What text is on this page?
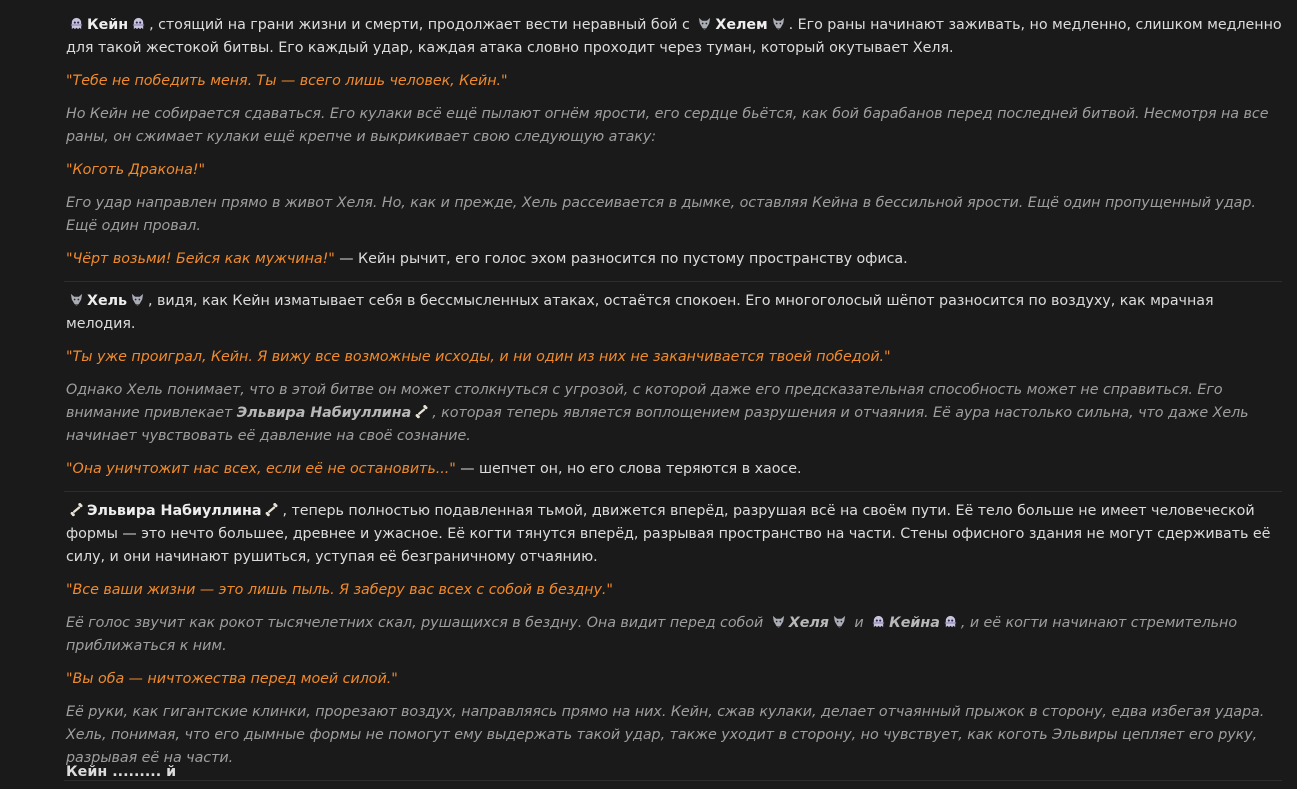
Кейн , стоящий на грани жизни и смерти, продолжает вести неравный бой с
Хелем . Его раны начинают заживать, но медленно, слишком медленно для такой жестокой битвы. Его каждый удар, каждая атака словно проходит через туман, который окутывает Хеля.

"Тебе не победить меня. Ты — всего лишь человек, Кейн."

Но Кейн не собирается сдаваться. Его кулаки всё ещё пылают огнём ярости, его сердце бьётся, как бой барабанов перед последней битвой. Несмотря на все раны, он сжимает кулаки ещё крепче и выкрикивает свою следующую атаку:

"Коготь Дракона!"

Его удар направлен прямо в живот Хеля. Но, как и прежде, Хель рассеивается в дымке, оставляя Кейна в бессильной ярости. Ещё один пропущенный удар. Ещё один провал.

"Чёрт возьми! Бейся как мужчина!" — Кейн рычит, его голос эхом разносится по пустому пространству офиса.

Хель , видя, как Кейн изматывает себя в бессмысленных атаках, остаётся спокоен. Его многоголосый шёпот разносится по воздуху, как мрачная мелодия.

"Ты уже проиграл, Кейн. Я вижу все возможные исходы, и ни один из них не заканчивается твоей победой."

Однако Хель понимает, что в этой битве он может столкнуться с угрозой, с которой даже его предсказательная способность может не справиться. Его внимание привлекает Эльвира Набиуллина , которая теперь является воплощением разрушения и отчаяния. Её аура настолько сильна, что даже Хель начинает чувствовать её давление на своё сознание.

"Она уничтожит нас всех, если её не остановить..." — шепчет он, но его слова теряются в хаосе.

Эльвира Набиуллина , теперь полностью подавленная тьмой, движется вперёд, разрушая всё на своём пути. Её тело больше не имеет человеческой формы — это нечто большее, древнее и ужасное. Её когти тянутся вперёд, разрывая пространство на части. Стены офисного здания не могут сдерживать её силу, и они начинают рушиться, уступая её безграничному отчаянию.

"Все ваши жизни — это лишь пыль. Я заберу вас всех с собой в бездну."

Её голос звучит как рокот тысячелетних скал, рушащихся в бездну. Она видит перед собой
Хеля
и
Кейна , и её когти начинают стремительно приближаться к ним.

"Вы оба — ничтожества перед моей силой."

Её руки, как гигантские клинки, прорезают воздух, направляясь прямо на них. Кейн, сжав кулаки, делает отчаянный прыжок в сторону, едва избегая удара. Хель, понимая, что его дымные формы не помогут ему выдержать такой удар, также уходит в сторону, но чувствует, как коготь Эльвиры цепляет его руку, разрывая её на части.

Кейн ......... й
